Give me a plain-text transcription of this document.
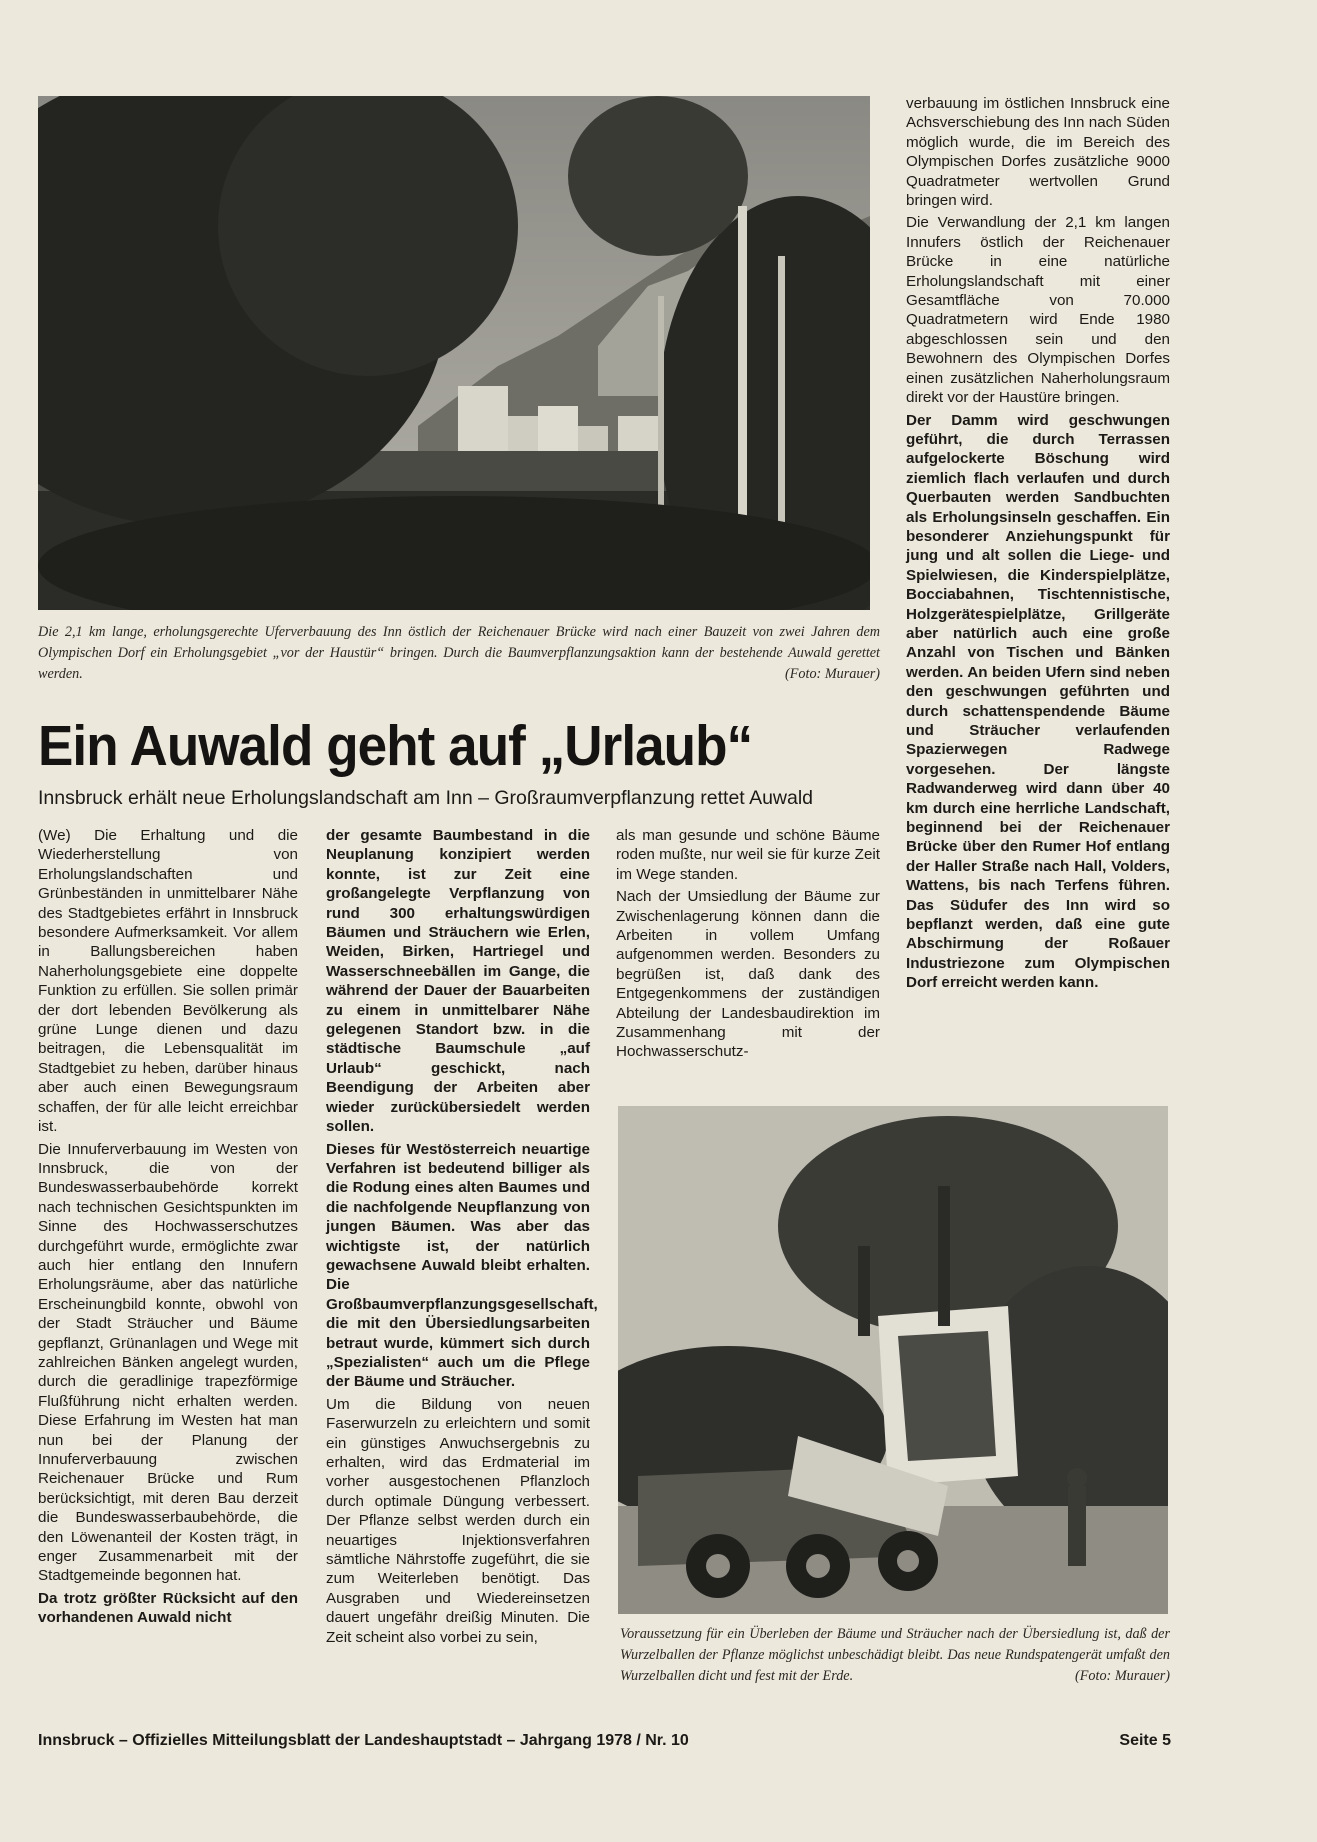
Die 2,1 km lange, erholungsgerechte Uferverbauung des Inn östlich der Reichenauer Brücke wird nach einer Bauzeit von zwei Jahren dem Olympischen Dorf ein Erholungsgebiet „vor der Haustür“ bringen. Durch die Baumverpflanzungsaktion kann der bestehende Auwald gerettet werden.	(Foto: Murauer)
Ein Auwald geht auf „Urlaub“
Innsbruck erhält neue Erholungslandschaft am Inn – Großraumverpflanzung rettet Auwald

(We) Die Erhaltung und die Wiederherstellung von Erholungslandschaften und Grünbeständen in unmittelbarer Nähe des Stadtgebietes erfährt in Innsbruck besondere Aufmerksamkeit. Vor allem in Ballungsbereichen haben Naherholungsgebiete eine doppelte Funktion zu erfüllen. Sie sollen primär der dort lebenden Bevölkerung als grüne Lunge dienen und dazu beitragen, die Lebensqualität im Stadtgebiet zu heben, darüber hinaus aber auch einen Bewegungsraum schaffen, der für alle leicht erreichbar ist.

Die Innuferverbauung im Westen von Innsbruck, die von der Bundeswasserbaubehörde korrekt nach technischen Gesichtspunkten im Sinne des Hochwasserschutzes durchgeführt wurde, ermöglichte zwar auch hier entlang den Innufern Erholungsräume, aber das natürliche Erscheinungbild konnte, obwohl von der Stadt Sträucher und Bäume gepflanzt, Grünanlagen und Wege mit zahlreichen Bänken angelegt wurden, durch die geradlinige trapezförmige Flußführung nicht erhalten werden. Diese Erfahrung im Westen hat man nun bei der Planung der Innuferverbauung zwischen Reichenauer Brücke und Rum berücksichtigt, mit deren Bau derzeit die Bundeswasserbaubehörde, die den Löwenanteil der Kosten trägt, in enger Zusammenarbeit mit der Stadtgemeinde begonnen hat.

Da trotz größter Rücksicht auf den vorhandenen Auwald nicht

der gesamte Baumbestand in die Neuplanung konzipiert werden konnte, ist zur Zeit eine großangelegte Verpflanzung von rund 300 erhaltungswürdigen Bäumen und Sträuchern wie Erlen, Weiden, Birken, Hartriegel und Wasserschneebällen im Gange, die während der Dauer der Bauarbeiten zu einem in unmittelbarer Nähe gelegenen Standort bzw. in die städtische Baumschule „auf Urlaub“ geschickt, nach Beendigung der Arbeiten aber wieder zurückübersiedelt werden sollen.

Dieses für Westösterreich neuartige Verfahren ist bedeutend billiger als die Rodung eines alten Baumes und die nachfolgende Neupflanzung von jungen Bäumen. Was aber das wichtigste ist, der natürlich gewachsene Auwald bleibt erhalten. Die Großbaumverpflanzungsgesellschaft, die mit den Übersiedlungsarbeiten betraut wurde, kümmert sich durch „Spezialisten“ auch um die Pflege der Bäume und Sträucher.

Um die Bildung von neuen Faserwurzeln zu erleichtern und somit ein günstiges Anwuchsergebnis zu erhalten, wird das Erdmaterial im vorher ausgestochenen Pflanzloch durch optimale Düngung verbessert. Der Pflanze selbst werden durch ein neuartiges Injektionsverfahren sämtliche Nährstoffe zugeführt, die sie zum Weiterleben benötigt. Das Ausgraben und Wiedereinsetzen dauert ungefähr dreißig Minuten. Die Zeit scheint also vorbei zu sein,

als man gesunde und schöne Bäume roden mußte, nur weil sie für kurze Zeit im Wege standen.

Nach der Umsiedlung der Bäume zur Zwischenlagerung können dann die Arbeiten in vollem Umfang aufgenommen werden. Besonders zu begrüßen ist, daß dank des Entgegenkommens der zuständigen Abteilung der Landesbaudirektion im Zusammenhang mit der Hochwasserschutz-

verbauung im östlichen Innsbruck eine Achsverschiebung des Inn nach Süden möglich wurde, die im Bereich des Olympischen Dorfes zusätzliche 9000 Quadratmeter wertvollen Grund bringen wird.

Die Verwandlung der 2,1 km langen Innufers östlich der Reichenauer Brücke in eine natürliche Erholungslandschaft mit einer Gesamtfläche von 70.000 Quadratmetern wird Ende 1980 abgeschlossen sein und den Bewohnern des Olympischen Dorfes einen zusätzlichen Naherholungsraum direkt vor der Haustüre bringen.

Der Damm wird geschwungen geführt, die durch Terrassen aufgelockerte Böschung wird ziemlich flach verlaufen und durch Querbauten werden Sandbuchten als Erholungsinseln geschaffen. Ein besonderer Anziehungspunkt für jung und alt sollen die Liege- und Spielwiesen, die Kinderspielplätze, Bocciabahnen, Tischtennistische, Holzgerätespielplätze, Grillgeräte aber natürlich auch eine große Anzahl von Tischen und Bänken werden. An beiden Ufern sind neben den geschwungen geführten und durch schattenspendende Bäume und Sträucher verlaufenden Spazierwegen Radwege vorgesehen. Der längste Radwanderweg wird dann über 40 km durch eine herrliche Landschaft, beginnend bei der Reichenauer Brücke über den Rumer Hof entlang der Haller Straße nach Hall, Volders, Wattens, bis nach Terfens führen. Das Südufer des Inn wird so bepflanzt werden, daß eine gute Abschirmung der Roßauer Industriezone zum Olympischen Dorf erreicht werden kann.

Voraussetzung für ein Überleben der Bäume und Sträucher nach der Übersiedlung ist, daß der Wurzelballen der Pflanze möglichst unbeschädigt bleibt. Das neue Rundspatengerät umfaßt den Wurzelballen dicht und fest mit der Erde.	(Foto: Murauer)
Innsbruck – Offizielles Mitteilungsblatt der Landeshauptstadt – Jahrgang 1978 / Nr. 10	Seite 5
